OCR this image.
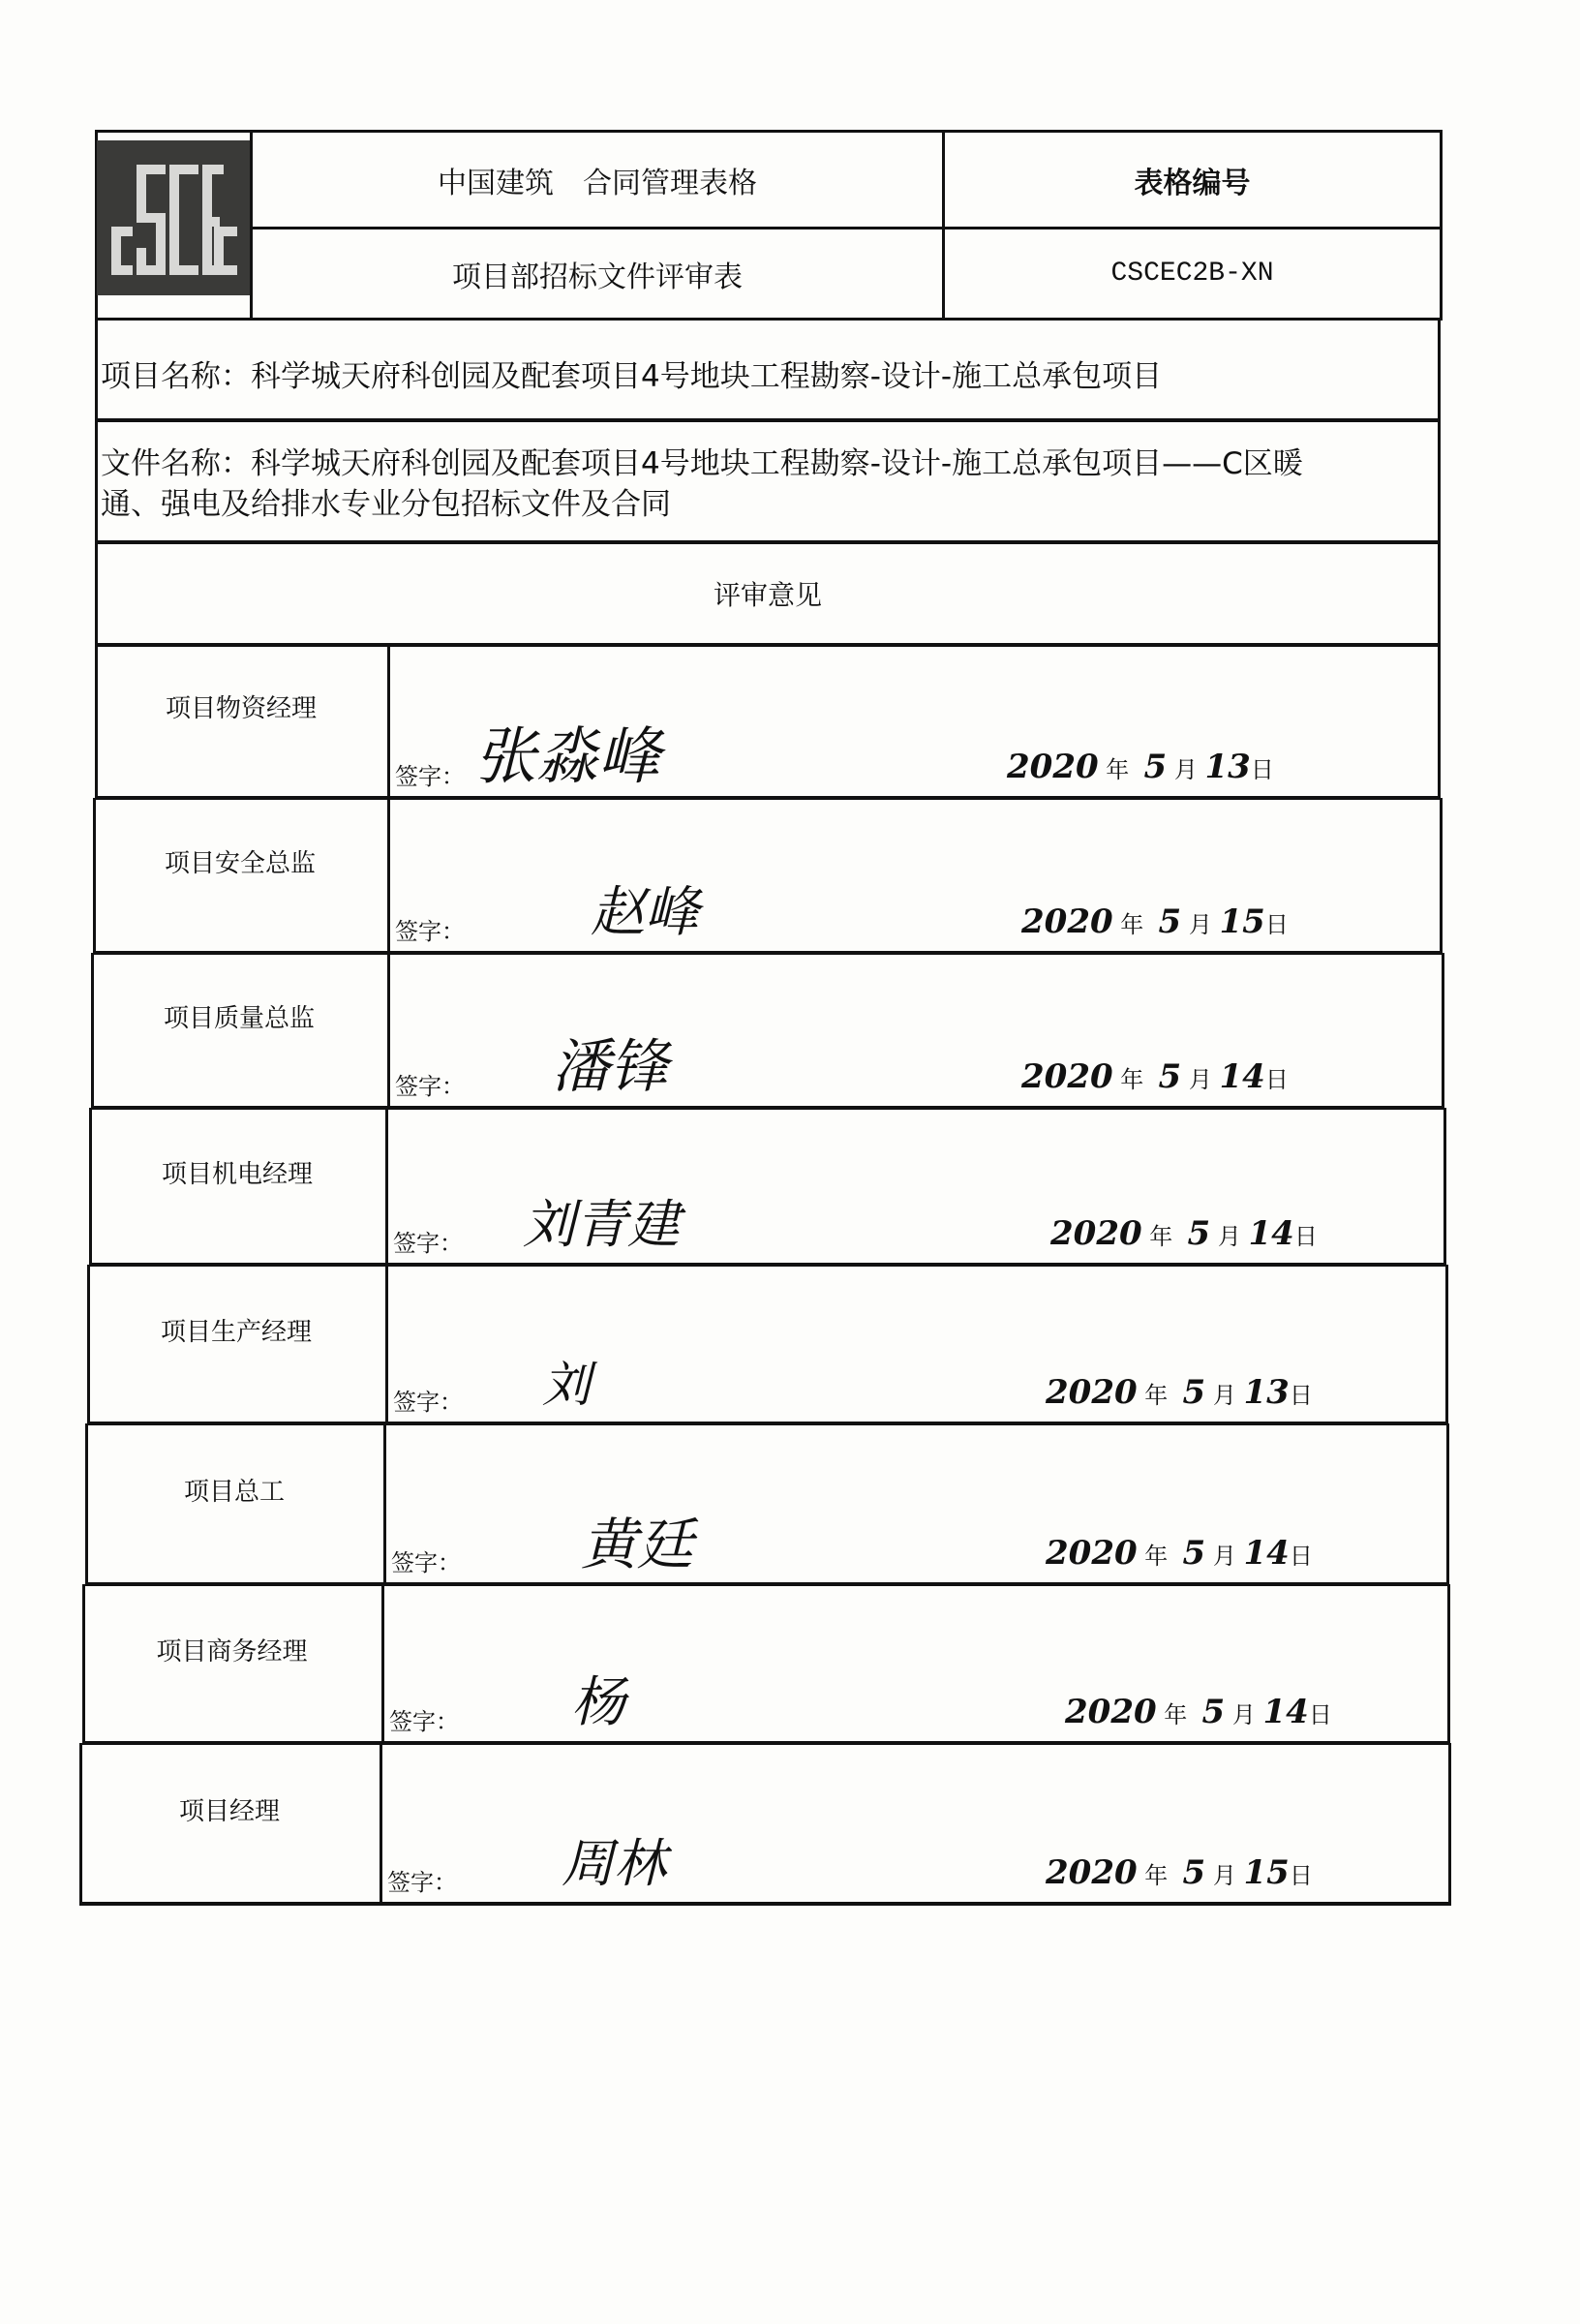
中国建筑　合同管理表格
项目部招标文件评审表
表格编号
CSCEC2B-XN
项目名称：科学城天府科创园及配套项目4号地块工程勘察-设计-施工总承包项目
文件名称：科学城天府科创园及配套项目4号地块工程勘察-设计-施工总承包项目——C区暖
通、强电及给排水专业分包招标文件及合同
评审意见
项目物资经理
签字： 张淼峰	2020 年 5 月 13日
项目安全总监
签字： 赵峰	2020 年 5 月 15日
项目质量总监
签字： 潘锋	2020 年 5 月 14日
项目机电经理
签字： 刘青建	2020 年 5 月 14日
项目生产经理
签字： 刘	2020 年 5 月 13日
项目总工
签字： 黄廷	2020 年 5 月 14日
项目商务经理
签字： 杨	2020 年 5 月 14日
项目经理
签字： 周林	2020 年 5 月 15日
